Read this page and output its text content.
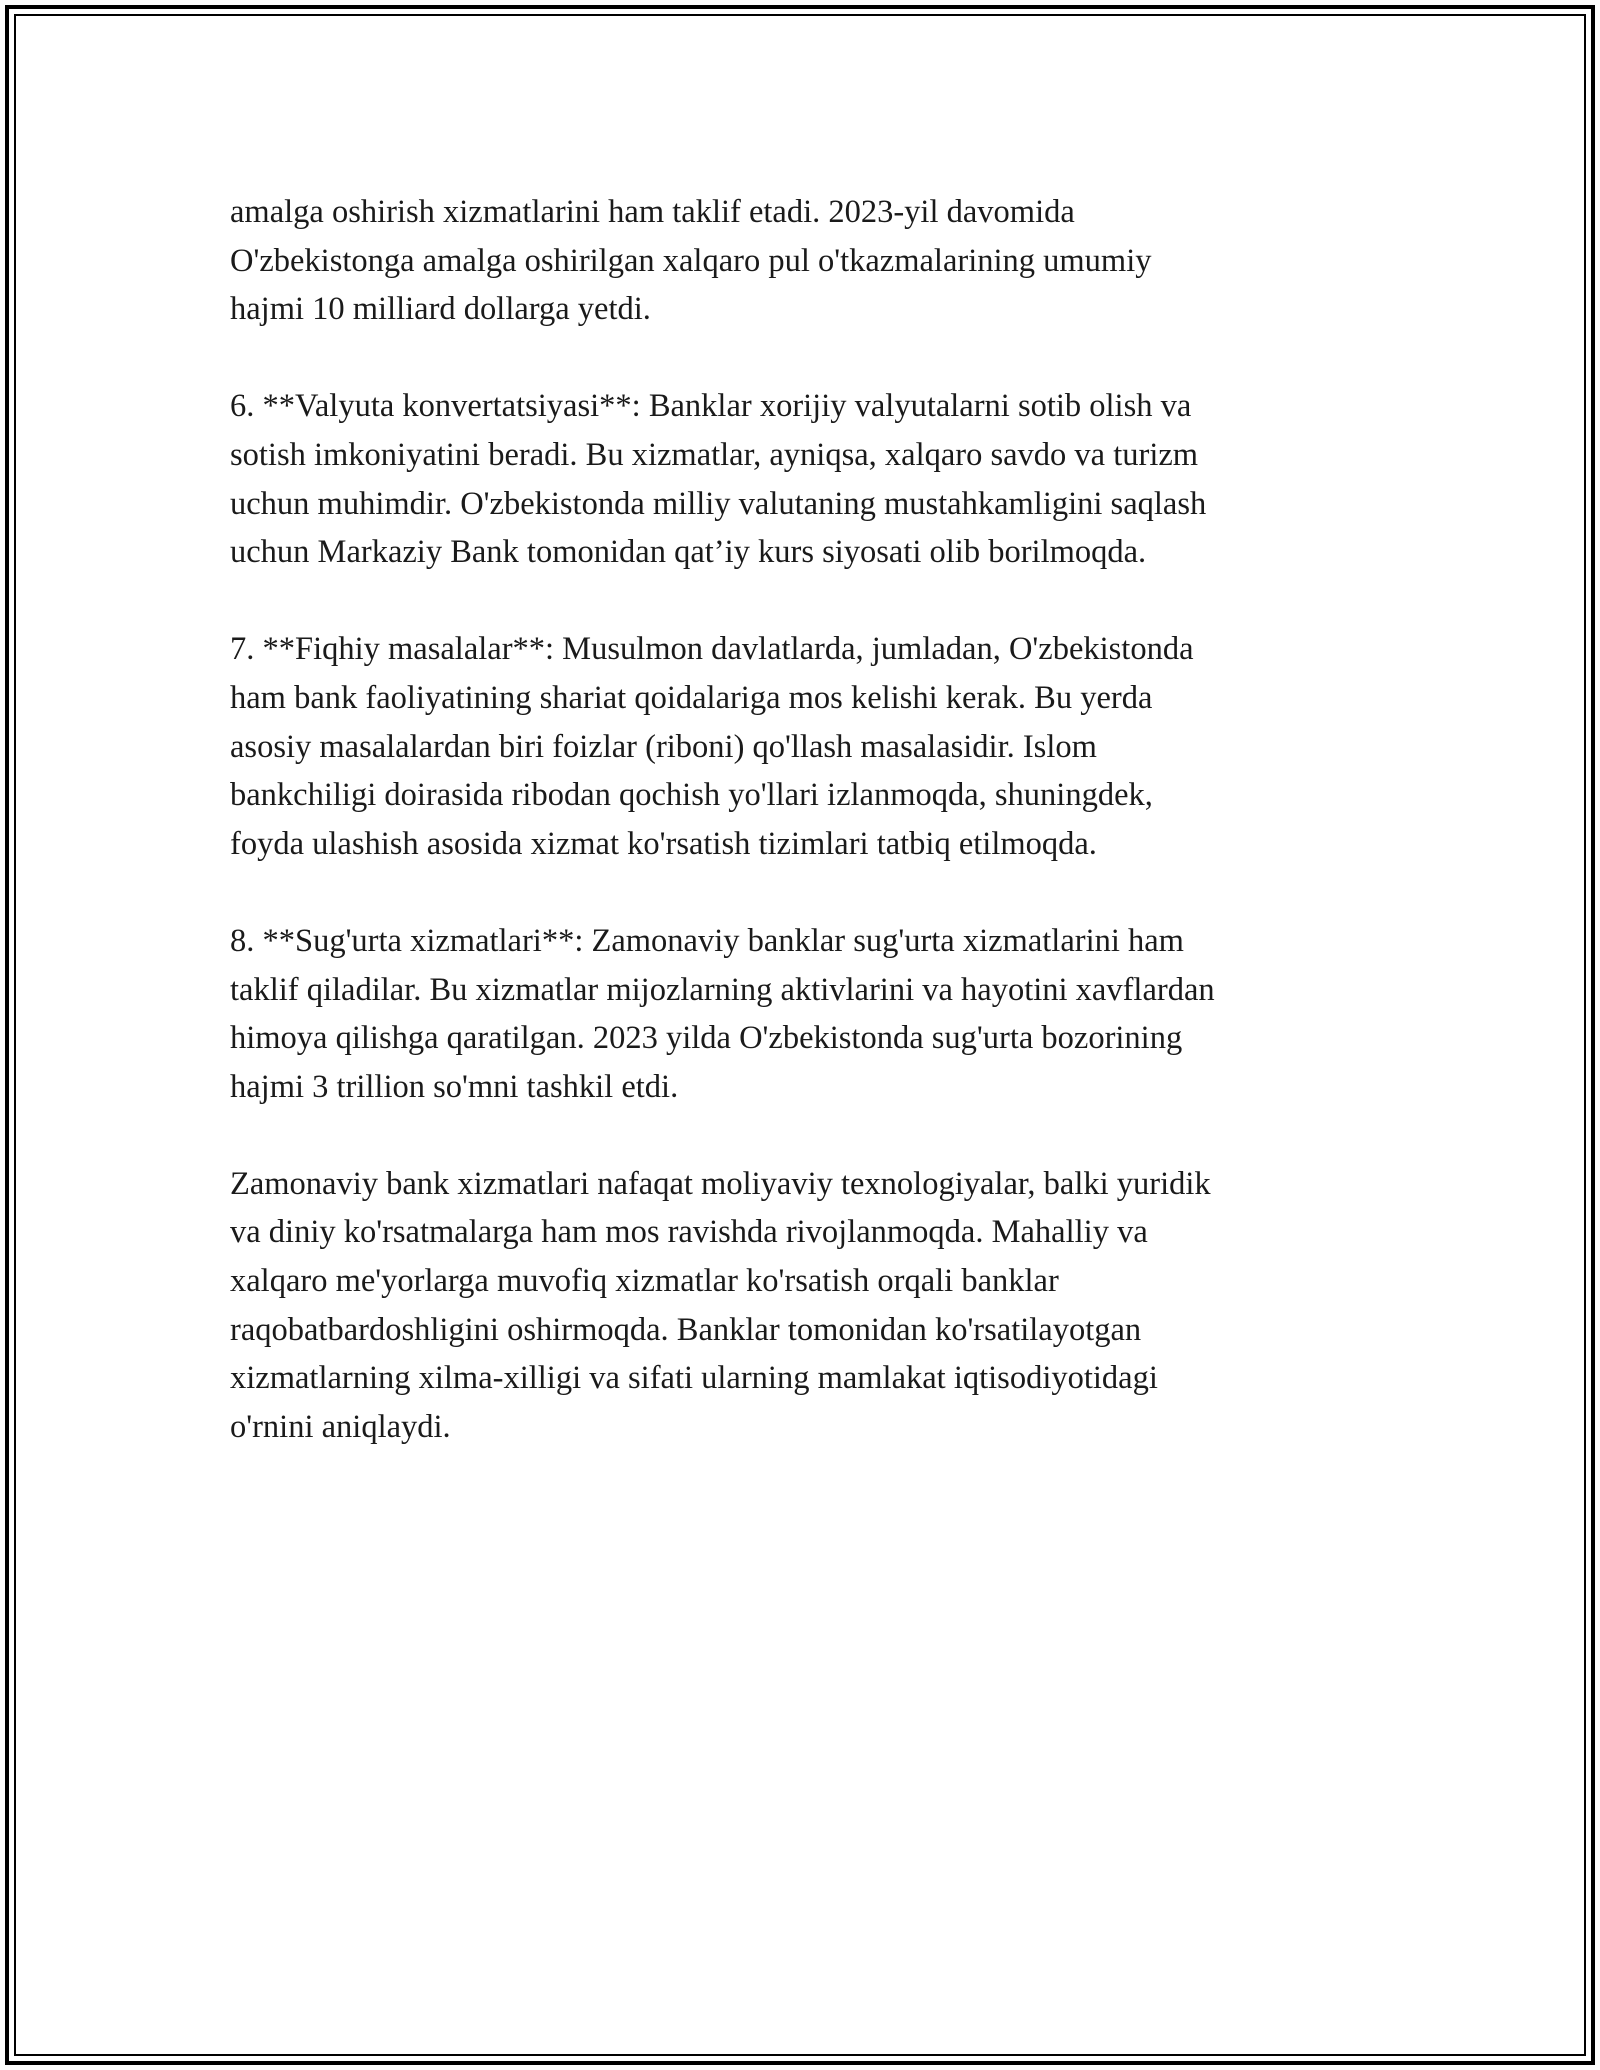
amalga oshirish xizmatlarini ham taklif etadi. 2023-yil davomida
O'zbekistonga amalga oshirilgan xalqaro pul o'tkazmalarining umumiy
hajmi 10 milliard dollarga yetdi.

6. **Valyuta konvertatsiyasi**: Banklar xorijiy valyutalarni sotib olish va
sotish imkoniyatini beradi. Bu xizmatlar, ayniqsa, xalqaro savdo va turizm
uchun muhimdir. O'zbekistonda milliy valutaning mustahkamligini saqlash
uchun Markaziy Bank tomonidan qat’iy kurs siyosati olib borilmoqda.

7. **Fiqhiy masalalar**: Musulmon davlatlarda, jumladan, O'zbekistonda
ham bank faoliyatining shariat qoidalariga mos kelishi kerak. Bu yerda
asosiy masalalardan biri foizlar (riboni) qo'llash masalasidir. Islom
bankchiligi doirasida ribodan qochish yo'llari izlanmoqda, shuningdek,
foyda ulashish asosida xizmat ko'rsatish tizimlari tatbiq etilmoqda.

8. **Sug'urta xizmatlari**: Zamonaviy banklar sug'urta xizmatlarini ham
taklif qiladilar. Bu xizmatlar mijozlarning aktivlarini va hayotini xavflardan
himoya qilishga qaratilgan. 2023 yilda O'zbekistonda sug'urta bozorining
hajmi 3 trillion so'mni tashkil etdi.

Zamonaviy bank xizmatlari nafaqat moliyaviy texnologiyalar, balki yuridik
va diniy ko'rsatmalarga ham mos ravishda rivojlanmoqda. Mahalliy va
xalqaro me'yorlarga muvofiq xizmatlar ko'rsatish orqali banklar
raqobatbardoshligini oshirmoqda. Banklar tomonidan ko'rsatilayotgan
xizmatlarning xilma-xilligi va sifati ularning mamlakat iqtisodiyotidagi
o'rnini aniqlaydi.
